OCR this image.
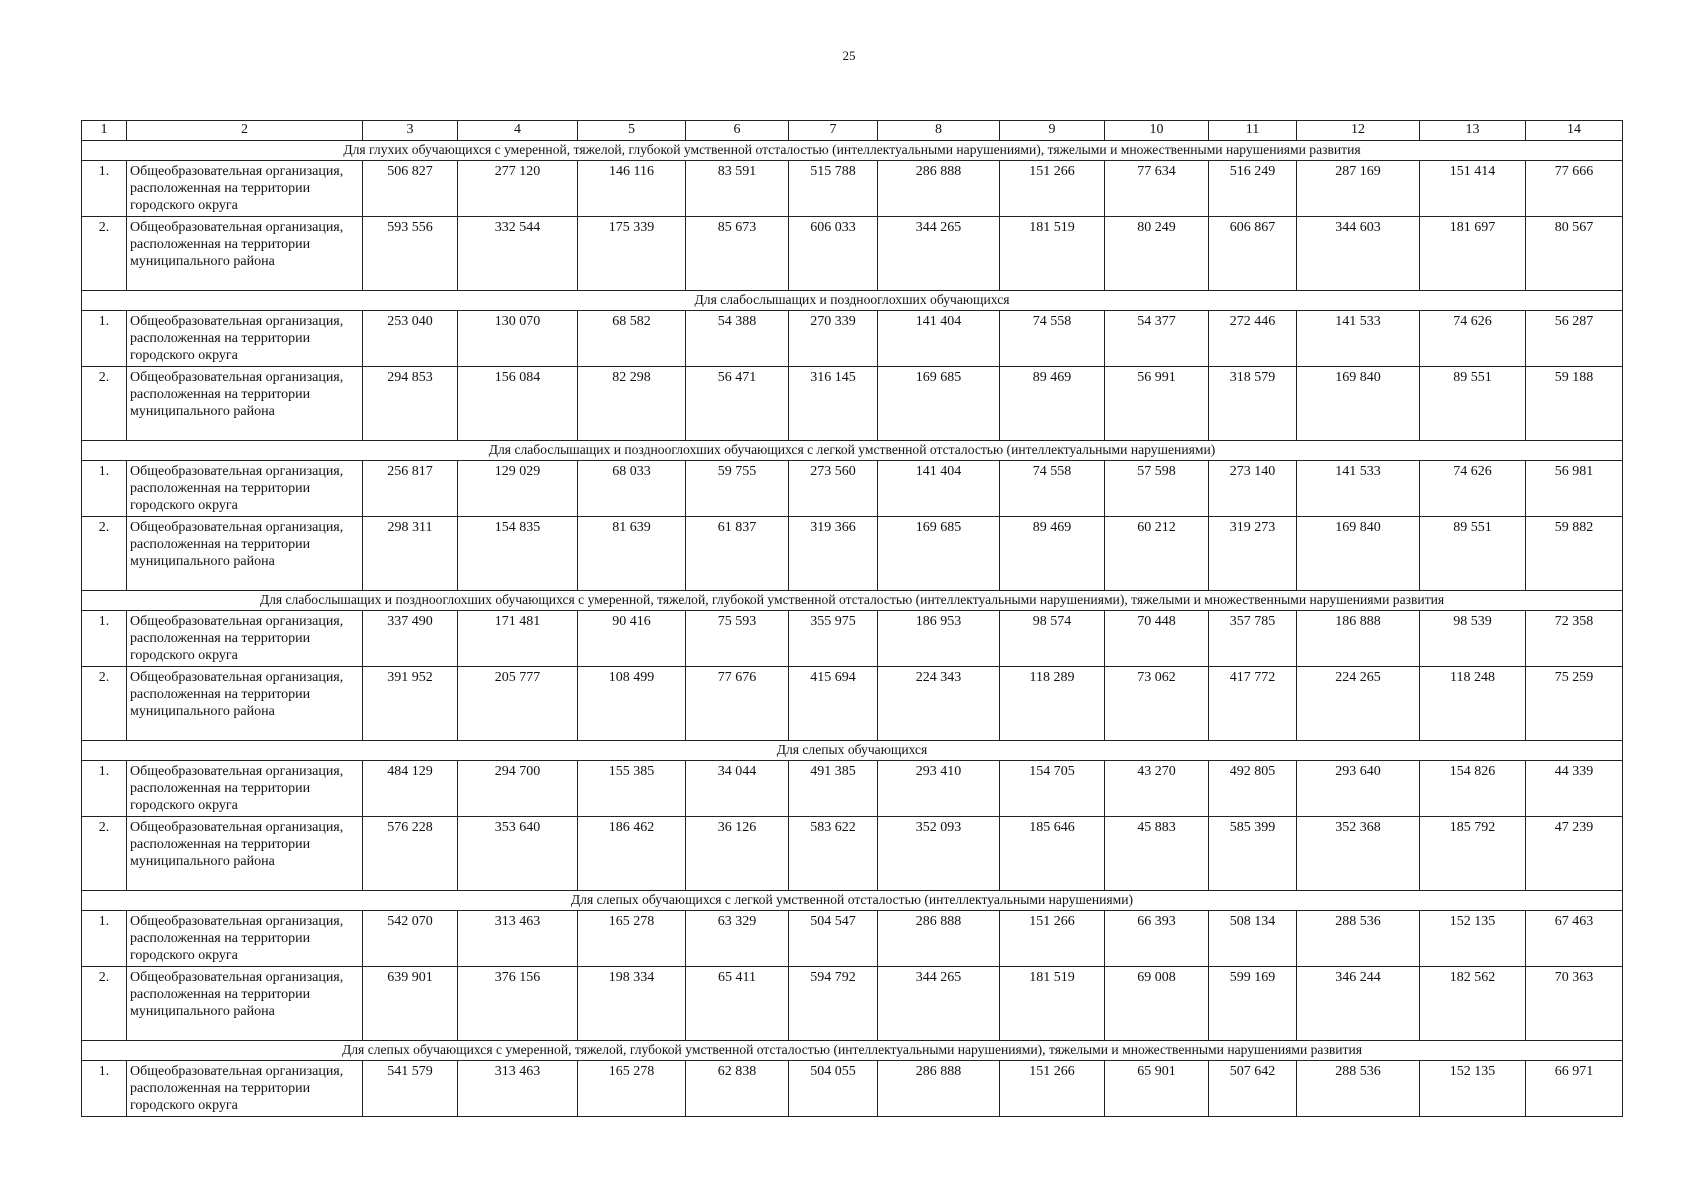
25
1	2	3	4	5	6	7	8	9	10	11	12	13	14
Для глухих обучающихся с умеренной, тяжелой, глубокой умственной отсталостью (интеллектуальными нарушениями), тяжелыми и множественными нарушениями развития													
1.	Общеобразовательная организация, расположенная на территории городского округа	506 827	277 120	146 116	83 591	515 788	286 888	151 266	77 634	516 249	287 169	151 414	77 666
2.	Общеобразовательная организация, расположенная на территории муниципального района	593 556	332 544	175 339	85 673	606 033	344 265	181 519	80 249	606 867	344 603	181 697	80 567
Для слабослышащих и позднооглохших обучающихся													
1.	Общеобразовательная организация, расположенная на территории городского округа	253 040	130 070	68 582	54 388	270 339	141 404	74 558	54 377	272 446	141 533	74 626	56 287
2.	Общеобразовательная организация, расположенная на территории муниципального района	294 853	156 084	82 298	56 471	316 145	169 685	89 469	56 991	318 579	169 840	89 551	59 188
Для слабослышащих и позднооглохших обучающихся с легкой умственной отсталостью (интеллектуальными нарушениями)													
1.	Общеобразовательная организация, расположенная на территории городского округа	256 817	129 029	68 033	59 755	273 560	141 404	74 558	57 598	273 140	141 533	74 626	56 981
2.	Общеобразовательная организация, расположенная на территории муниципального района	298 311	154 835	81 639	61 837	319 366	169 685	89 469	60 212	319 273	169 840	89 551	59 882
Для слабослышащих и позднооглохших обучающихся с умеренной, тяжелой, глубокой умственной отсталостью (интеллектуальными нарушениями), тяжелыми и множественными нарушениями развития													
1.	Общеобразовательная организация, расположенная на территории городского округа	337 490	171 481	90 416	75 593	355 975	186 953	98 574	70 448	357 785	186 888	98 539	72 358
2.	Общеобразовательная организация, расположенная на территории муниципального района	391 952	205 777	108 499	77 676	415 694	224 343	118 289	73 062	417 772	224 265	118 248	75 259
Для слепых обучающихся													
1.	Общеобразовательная организация, расположенная на территории городского округа	484 129	294 700	155 385	34 044	491 385	293 410	154 705	43 270	492 805	293 640	154 826	44 339
2.	Общеобразовательная организация, расположенная на территории муниципального района	576 228	353 640	186 462	36 126	583 622	352 093	185 646	45 883	585 399	352 368	185 792	47 239
Для слепых обучающихся с легкой умственной отсталостью (интеллектуальными нарушениями)													
1.	Общеобразовательная организация, расположенная на территории городского округа	542 070	313 463	165 278	63 329	504 547	286 888	151 266	66 393	508 134	288 536	152 135	67 463
2.	Общеобразовательная организация, расположенная на территории муниципального района	639 901	376 156	198 334	65 411	594 792	344 265	181 519	69 008	599 169	346 244	182 562	70 363
Для слепых обучающихся с умеренной, тяжелой, глубокой умственной отсталостью (интеллектуальными нарушениями), тяжелыми и множественными нарушениями развития													
1.	Общеобразовательная организация, расположенная на территории городского округа	541 579	313 463	165 278	62 838	504 055	286 888	151 266	65 901	507 642	288 536	152 135	66 971
